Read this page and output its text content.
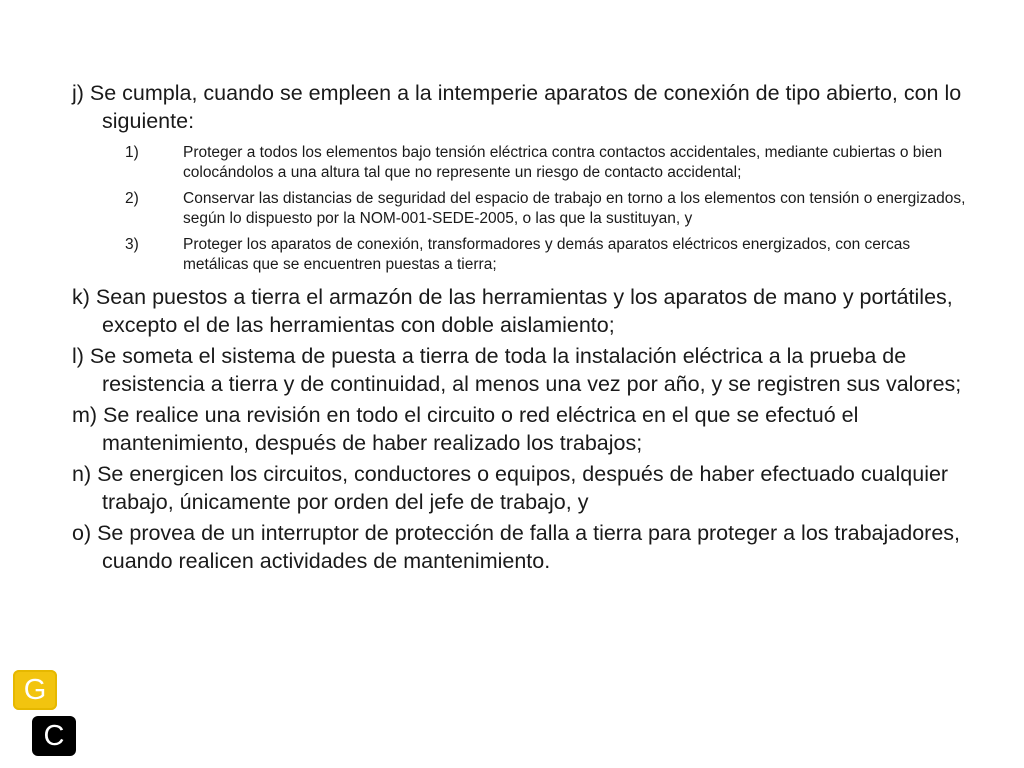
j) Se cumpla, cuando se empleen a la intemperie aparatos de conexión de tipo abierto, con lo siguiente:

1)	Proteger a todos los elementos bajo tensión eléctrica contra contactos accidentales, mediante cubiertas o bien colocándolos a una altura tal que no represente un riesgo de contacto accidental;
2)	Conservar las distancias de seguridad del espacio de trabajo en torno a los elementos con tensión o energizados, según lo dispuesto por la NOM-001-SEDE-2005, o las que la sustituyan, y
3)	Proteger los aparatos de conexión, transformadores y demás aparatos eléctricos energizados, con cercas metálicas que se encuentren puestas a tierra;

k) Sean puestos a tierra el armazón de las herramientas y los aparatos de mano y portátiles, excepto el de las herramientas con doble aislamiento;

l) Se someta el sistema de puesta a tierra de toda la instalación eléctrica a la prueba de resistencia a tierra y de continuidad, al menos una vez por año, y se registren sus valores;

m) Se realice una revisión en todo el circuito o red eléctrica en el que se efectuó el mantenimiento, después de haber realizado los trabajos;

n) Se energicen los circuitos, conductores o equipos, después de haber efectuado cualquier trabajo, únicamente por orden del jefe de trabajo, y

o) Se provea de un interruptor de protección de falla a tierra para proteger a los trabajadores, cuando realicen actividades de mantenimiento.

G
C
